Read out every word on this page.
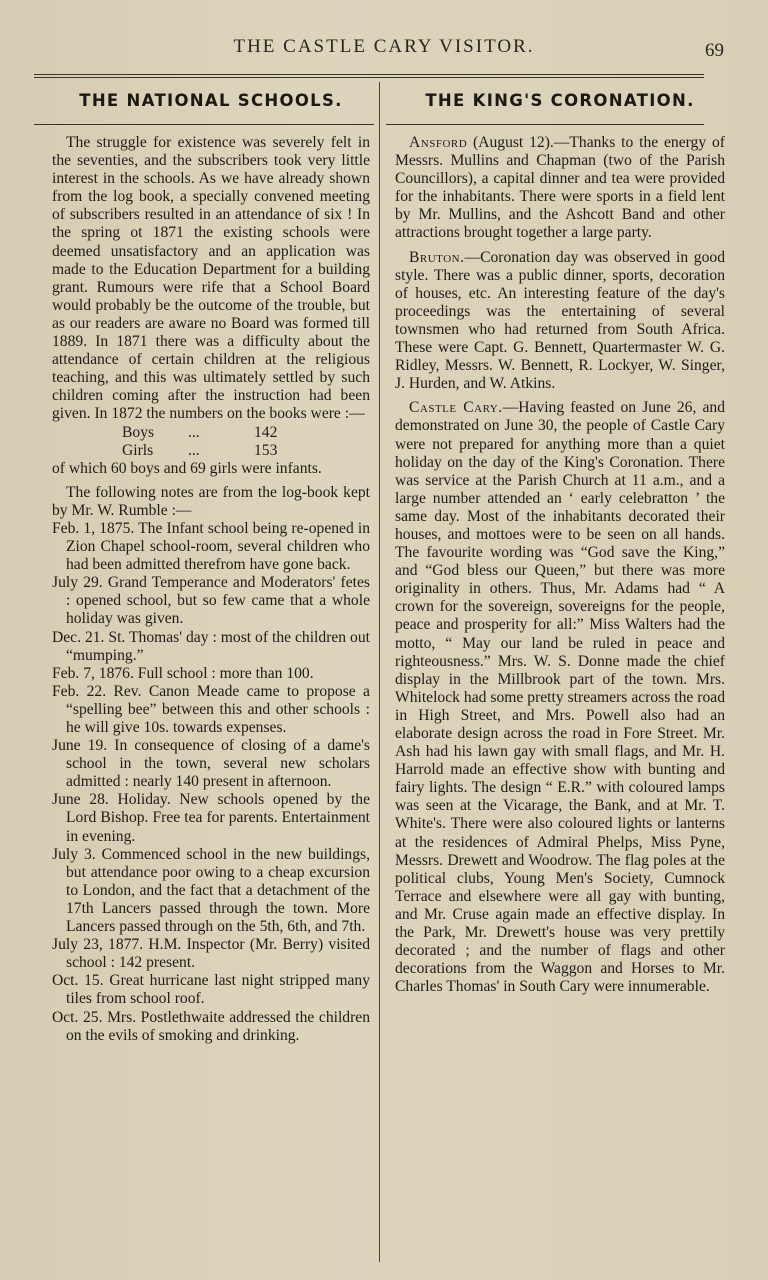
THE CASTLE CARY VISITOR.	69
THE NATIONAL SCHOOLS.

The struggle for existence was severely felt in the seventies, and the subscribers took very little interest in the schools. As we have already shown from the log book, a specially convened meeting of subscribers resulted in an attendance of six ! In the spring ot 1871 the existing schools were deemed unsatisfactory and an application was made to the Education Department for a building grant. Rumours were rife that a School Board would probably be the outcome of the trouble, but as our readers are aware no Board was formed till 1889. In 1871 there was a difficulty about the attendance of certain children at the religious teaching, and this was ultimately settled by such children coming after the instruction had been given. In 1872 the numbers on the books were :—

Boys	...	142
Girls	...	153

of which 60 boys and 69 girls were infants.

The following notes are from the log-book kept by Mr. W. Rumble :—

Feb. 1, 1875. The Infant school being re-opened in Zion Chapel school-room, several children who had been admitted therefrom have gone back.

July 29. Grand Temperance and Moderators' fetes : opened school, but so few came that a whole holiday was given.

Dec. 21. St. Thomas' day : most of the children out “mumping.”

Feb. 7, 1876. Full school : more than 100.

Feb. 22. Rev. Canon Meade came to propose a “spelling bee” between this and other schools : he will give 10s. towards expenses.

June 19. In consequence of closing of a dame's school in the town, several new scholars admitted : nearly 140 present in afternoon.

June 28. Holiday. New schools opened by the Lord Bishop. Free tea for parents. Entertainment in evening.

July 3. Commenced school in the new buildings, but attendance poor owing to a cheap excursion to London, and the fact that a detachment of the 17th Lancers passed through the town. More Lancers passed through on the 5th, 6th, and 7th.

July 23, 1877. H.M. Inspector (Mr. Berry) visited school : 142 present.

Oct. 15. Great hurricane last night stripped many tiles from school roof.

Oct. 25. Mrs. Postlethwaite addressed the children on the evils of smoking and drinking.

THE KING'S CORONATION.

Ansford (August 12).—Thanks to the energy of Messrs. Mullins and Chapman (two of the Parish Councillors), a capital dinner and tea were provided for the inhabitants. There were sports in a field lent by Mr. Mullins, and the Ashcott Band and other attractions brought together a large party.

Bruton.—Coronation day was observed in good style. There was a public dinner, sports, decoration of houses, etc. An interesting feature of the day's proceedings was the entertaining of several townsmen who had returned from South Africa. These were Capt. G. Bennett, Quartermaster W. G. Ridley, Messrs. W. Bennett, R. Lockyer, W. Singer, J. Hurden, and W. Atkins.

Castle Cary.—Having feasted on June 26, and demonstrated on June 30, the people of Castle Cary were not prepared for anything more than a quiet holiday on the day of the King's Coronation. There was service at the Parish Church at 11 a.m., and a large number attended an ‘ early celebratton ’ the same day. Most of the inhabitants decorated their houses, and mottoes were to be seen on all hands. The favourite wording was “God save the King,” and “God bless our Queen,” but there was more originality in others. Thus, Mr. Adams had “ A crown for the sovereign, sovereigns for the people, peace and prosperity for all:” Miss Walters had the motto, “ May our land be ruled in peace and righteousness.” Mrs. W. S. Donne made the chief display in the Millbrook part of the town. Mrs. Whitelock had some pretty streamers across the road in High Street, and Mrs. Powell also had an elaborate design across the road in Fore Street. Mr. Ash had his lawn gay with small flags, and Mr. H. Harrold made an effective show with bunting and fairy lights. The design “ E.R.” with coloured lamps was seen at the Vicarage, the Bank, and at Mr. T. White's. There were also coloured lights or lanterns at the residences of Admiral Phelps, Miss Pyne, Messrs. Drewett and Woodrow. The flag poles at the political clubs, Young Men's Society, Cumnock Terrace and elsewhere were all gay with bunting, and Mr. Cruse again made an effective display. In the Park, Mr. Drewett's house was very prettily decorated ; and the number of flags and other decorations from the Waggon and Horses to Mr. Charles Thomas' in South Cary were innumerable.
